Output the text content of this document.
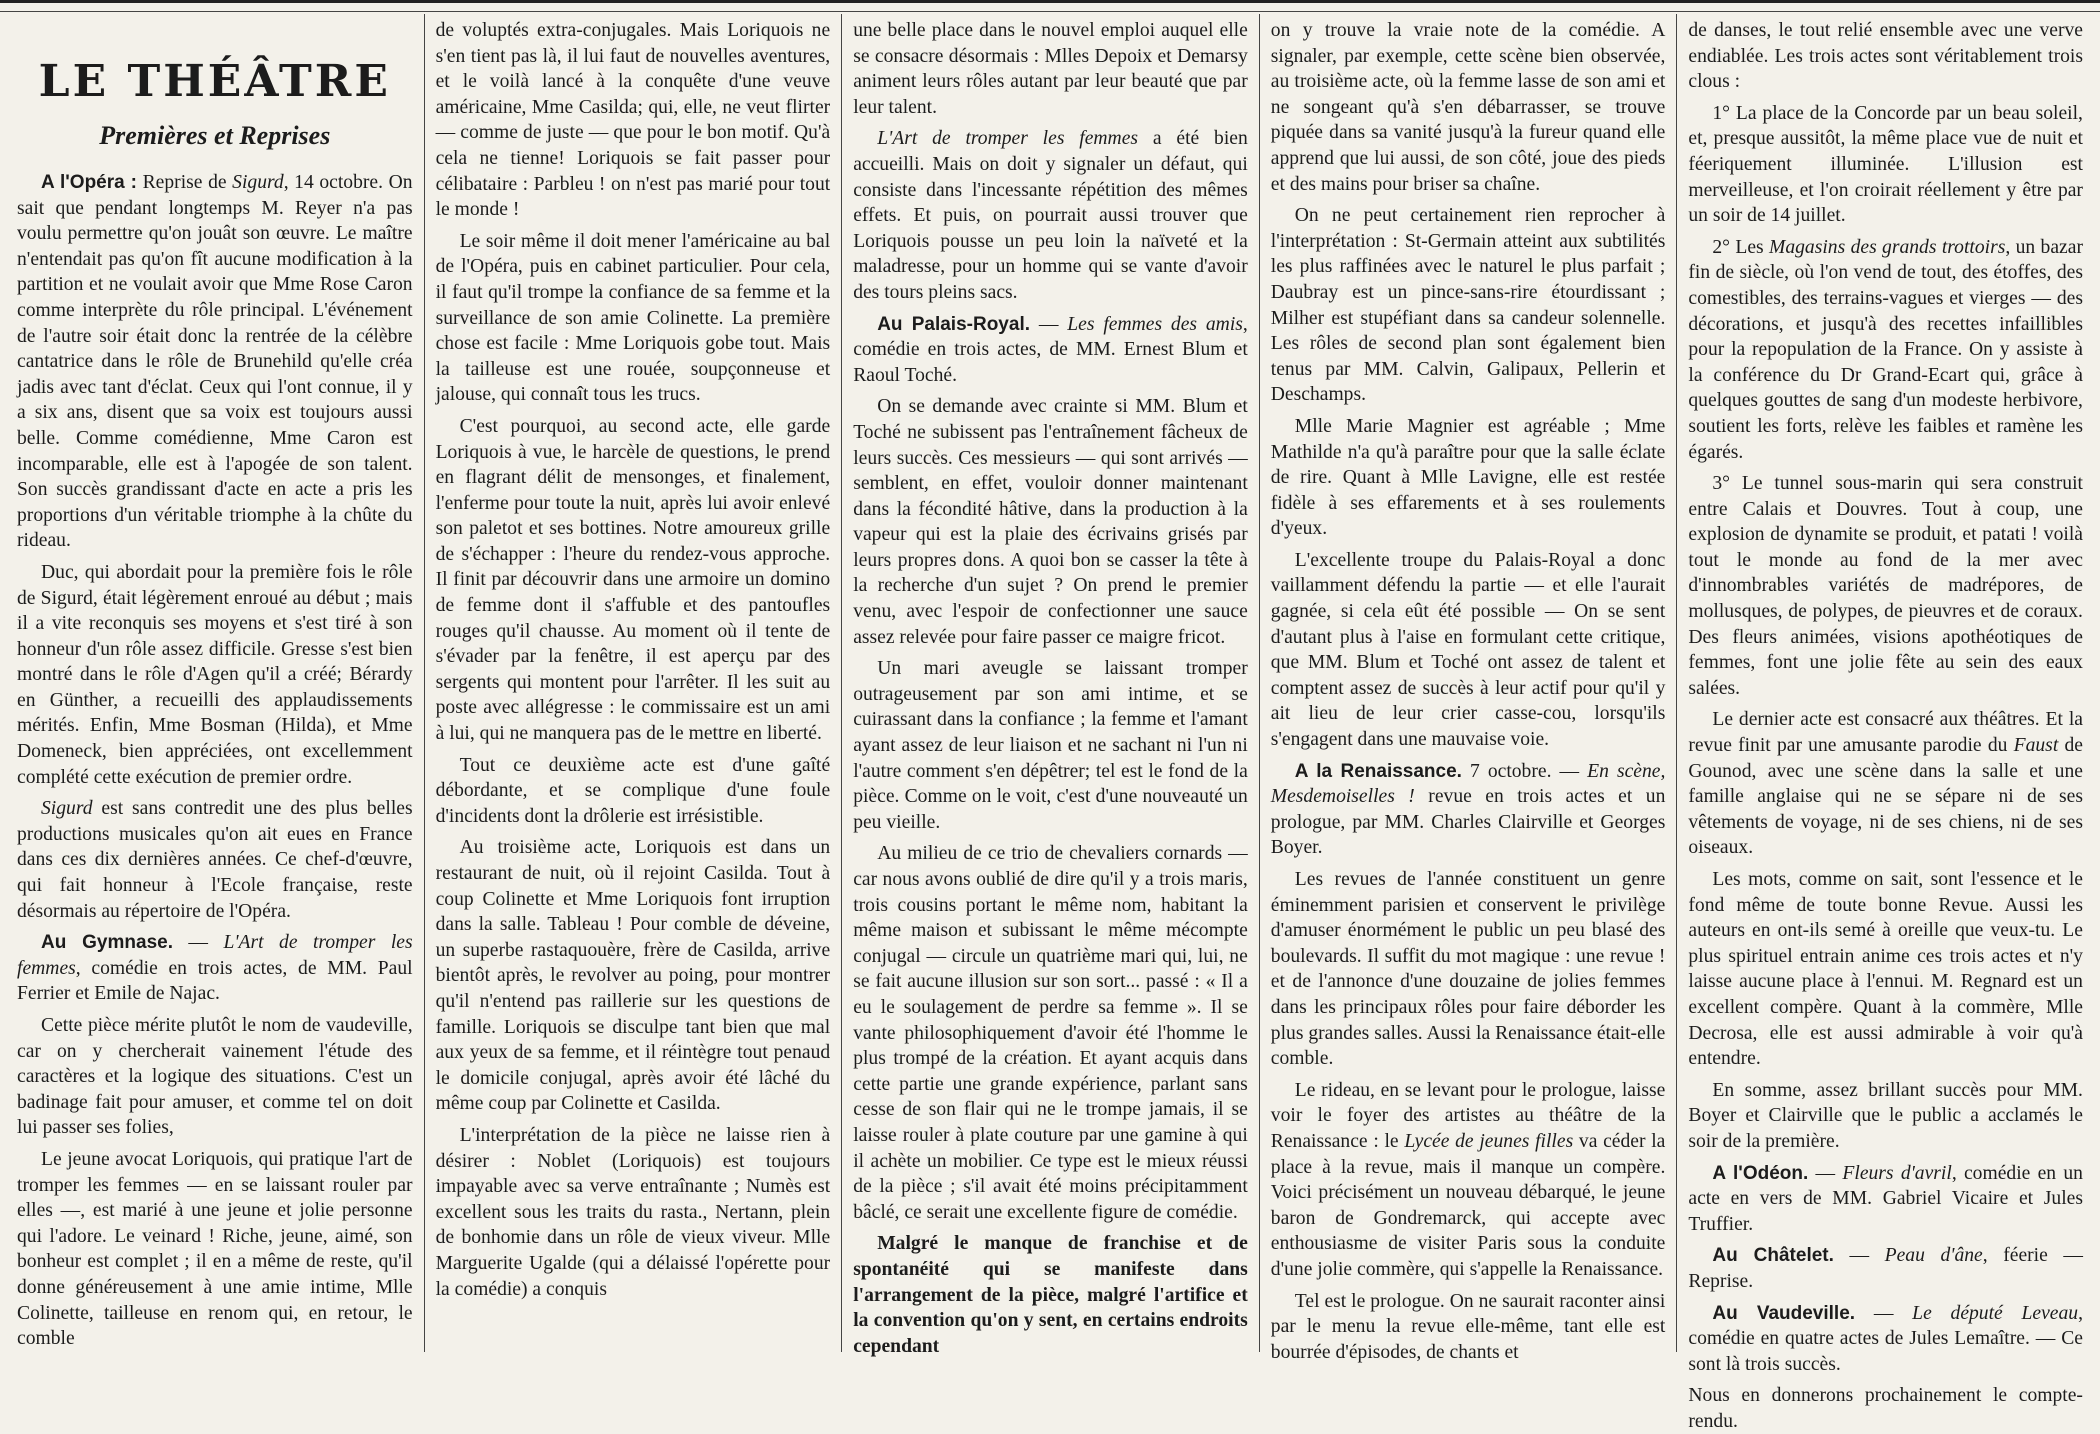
LE THÉÂTRE
Premières et Reprises

A l'Opéra : Reprise de Sigurd, 14 octobre. On sait que pendant longtemps M. Reyer n'a pas voulu permettre qu'on jouât son œuvre. Le maître n'entendait pas qu'on fît aucune modification à la partition et ne voulait avoir que Mme Rose Caron comme interprète du rôle principal. L'événement de l'autre soir était donc la rentrée de la célèbre cantatrice dans le rôle de Brunehild qu'elle créa jadis avec tant d'éclat. Ceux qui l'ont connue, il y a six ans, disent que sa voix est toujours aussi belle. Comme comédienne, Mme Caron est incomparable, elle est à l'apogée de son talent. Son succès grandissant d'acte en acte a pris les proportions d'un véritable triomphe à la chûte du rideau.

Duc, qui abordait pour la première fois le rôle de Sigurd, était légèrement enroué au début ; mais il a vite reconquis ses moyens et s'est tiré à son honneur d'un rôle assez difficile. Gresse s'est bien montré dans le rôle d'Agen qu'il a créé; Bérardy en Günther, a recueilli des applaudissements mérités. Enfin, Mme Bosman (Hilda), et Mme Domeneck, bien appréciées, ont excellemment complété cette exécution de premier ordre.

Sigurd est sans contredit une des plus belles productions musicales qu'on ait eues en France dans ces dix dernières années. Ce chef-d'œuvre, qui fait honneur à l'Ecole française, reste désormais au répertoire de l'Opéra.

Au Gymnase. — L'Art de tromper les femmes, comédie en trois actes, de MM. Paul Ferrier et Emile de Najac.

Cette pièce mérite plutôt le nom de vaudeville, car on y chercherait vainement l'étude des caractères et la logique des situations. C'est un badinage fait pour amuser, et comme tel on doit lui passer ses folies,

Le jeune avocat Loriquois, qui pratique l'art de tromper les femmes — en se laissant rouler par elles —, est marié à une jeune et jolie personne qui l'adore. Le veinard ! Riche, jeune, aimé, son bonheur est complet ; il en a même de reste, qu'il donne généreusement à une amie intime, Mlle Colinette, tailleuse en renom qui, en retour, le comble

de voluptés extra-conjugales. Mais Loriquois ne s'en tient pas là, il lui faut de nouvelles aventures, et le voilà lancé à la conquête d'une veuve américaine, Mme Casilda; qui, elle, ne veut flirter — comme de juste — que pour le bon motif. Qu'à cela ne tienne! Loriquois se fait passer pour célibataire : Parbleu ! on n'est pas marié pour tout le monde !

Le soir même il doit mener l'américaine au bal de l'Opéra, puis en cabinet particulier. Pour cela, il faut qu'il trompe la confiance de sa femme et la surveillance de son amie Colinette. La première chose est facile : Mme Loriquois gobe tout. Mais la tailleuse est une rouée, soupçonneuse et jalouse, qui connaît tous les trucs.

C'est pourquoi, au second acte, elle garde Loriquois à vue, le harcèle de questions, le prend en flagrant délit de mensonges, et finalement, l'enferme pour toute la nuit, après lui avoir enlevé son paletot et ses bottines. Notre amoureux grille de s'échapper : l'heure du rendez-vous approche. Il finit par découvrir dans une armoire un domino de femme dont il s'affuble et des pantoufles rouges qu'il chausse. Au moment où il tente de s'évader par la fenêtre, il est aperçu par des sergents qui montent pour l'arrêter. Il les suit au poste avec allégresse : le commissaire est un ami à lui, qui ne manquera pas de le mettre en liberté.

Tout ce deuxième acte est d'une gaîté débordante, et se complique d'une foule d'incidents dont la drôlerie est irrésistible.

Au troisième acte, Loriquois est dans un restaurant de nuit, où il rejoint Casilda. Tout à coup Colinette et Mme Loriquois font irruption dans la salle. Tableau ! Pour comble de déveine, un superbe rastaquouère, frère de Casilda, arrive bientôt après, le revolver au poing, pour montrer qu'il n'entend pas raillerie sur les questions de famille. Loriquois se disculpe tant bien que mal aux yeux de sa femme, et il réintègre tout penaud le domicile conjugal, après avoir été lâché du même coup par Colinette et Casilda.

L'interprétation de la pièce ne laisse rien à désirer : Noblet (Loriquois) est toujours impayable avec sa verve entraînante ; Numès est excellent sous les traits du rasta., Nertann, plein de bonhomie dans un rôle de vieux viveur. Mlle Marguerite Ugalde (qui a délaissé l'opérette pour la comédie) a conquis

une belle place dans le nouvel emploi auquel elle se consacre désormais : Mlles Depoix et Demarsy animent leurs rôles autant par leur beauté que par leur talent.

L'Art de tromper les femmes a été bien accueilli. Mais on doit y signaler un défaut, qui consiste dans l'incessante répétition des mêmes effets. Et puis, on pourrait aussi trouver que Loriquois pousse un peu loin la naïveté et la maladresse, pour un homme qui se vante d'avoir des tours pleins sacs.

Au Palais-Royal. — Les femmes des amis, comédie en trois actes, de MM. Ernest Blum et Raoul Toché.

On se demande avec crainte si MM. Blum et Toché ne subissent pas l'entraînement fâcheux de leurs succès. Ces messieurs — qui sont arrivés — semblent, en effet, vouloir donner maintenant dans la fécondité hâtive, dans la production à la vapeur qui est la plaie des écrivains grisés par leurs propres dons. A quoi bon se casser la tête à la recherche d'un sujet ? On prend le premier venu, avec l'espoir de confectionner une sauce assez relevée pour faire passer ce maigre fricot.

Un mari aveugle se laissant tromper outrageusement par son ami intime, et se cuirassant dans la confiance ; la femme et l'amant ayant assez de leur liaison et ne sachant ni l'un ni l'autre comment s'en dépêtrer; tel est le fond de la pièce. Comme on le voit, c'est d'une nouveauté un peu vieille.

Au milieu de ce trio de chevaliers cornards — car nous avons oublié de dire qu'il y a trois maris, trois cousins portant le même nom, habitant la même maison et subissant le même mécompte conjugal — circule un quatrième mari qui, lui, ne se fait aucune illusion sur son sort... passé : « Il a eu le soulagement de perdre sa femme ». Il se vante philosophiquement d'avoir été l'homme le plus trompé de la création. Et ayant acquis dans cette partie une grande expérience, parlant sans cesse de son flair qui ne le trompe jamais, il se laisse rouler à plate couture par une gamine à qui il achète un mobilier. Ce type est le mieux réussi de la pièce ; s'il avait été moins précipitamment bâclé, ce serait une excellente figure de comédie.

Malgré le manque de franchise et de spontanéité qui se manifeste dans l'arrangement de la pièce, malgré l'artifice et la convention qu'on y sent, en certains endroits cependant

on y trouve la vraie note de la comédie. A signaler, par exemple, cette scène bien observée, au troisième acte, où la femme lasse de son ami et ne songeant qu'à s'en débarrasser, se trouve piquée dans sa vanité jusqu'à la fureur quand elle apprend que lui aussi, de son côté, joue des pieds et des mains pour briser sa chaîne.

On ne peut certainement rien reprocher à l'interprétation : St-Germain atteint aux subtilités les plus raffinées avec le naturel le plus parfait ; Daubray est un pince-sans-rire étourdissant ; Milher est stupéfiant dans sa candeur solennelle. Les rôles de second plan sont également bien tenus par MM. Calvin, Galipaux, Pellerin et Deschamps.

Mlle Marie Magnier est agréable ; Mme Mathilde n'a qu'à paraître pour que la salle éclate de rire. Quant à Mlle Lavigne, elle est restée fidèle à ses effarements et à ses roulements d'yeux.

L'excellente troupe du Palais-Royal a donc vaillamment défendu la partie — et elle l'aurait gagnée, si cela eût été possible — On se sent d'autant plus à l'aise en formulant cette critique, que MM. Blum et Toché ont assez de talent et comptent assez de succès à leur actif pour qu'il y ait lieu de leur crier casse-cou, lorsqu'ils s'engagent dans une mauvaise voie.

A la Renaissance. 7 octobre. — En scène, Mesdemoiselles ! revue en trois actes et un prologue, par MM. Charles Clairville et Georges Boyer.

Les revues de l'année constituent un genre éminemment parisien et conservent le privilège d'amuser énormément le public un peu blasé des boulevards. Il suffit du mot magique : une revue ! et de l'annonce d'une douzaine de jolies femmes dans les principaux rôles pour faire déborder les plus grandes salles. Aussi la Renaissance était-elle comble.

Le rideau, en se levant pour le prologue, laisse voir le foyer des artistes au théâtre de la Renaissance : le Lycée de jeunes filles va céder la place à la revue, mais il manque un compère. Voici précisément un nouveau débarqué, le jeune baron de Gondremarck, qui accepte avec enthousiasme de visiter Paris sous la conduite d'une jolie commère, qui s'appelle la Renaissance.

Tel est le prologue. On ne saurait raconter ainsi par le menu la revue elle-même, tant elle est bourrée d'épisodes, de chants et

de danses, le tout relié ensemble avec une verve endiablée. Les trois actes sont véritablement trois clous :

1° La place de la Concorde par un beau soleil, et, presque aussitôt, la même place vue de nuit et féeriquement illuminée. L'illusion est merveilleuse, et l'on croirait réellement y être par un soir de 14 juillet.

2° Les Magasins des grands trottoirs, un bazar fin de siècle, où l'on vend de tout, des étoffes, des comestibles, des terrains-vagues et vierges — des décorations, et jusqu'à des recettes infaillibles pour la repopulation de la France. On y assiste à la conférence du Dr Grand-Ecart qui, grâce à quelques gouttes de sang d'un modeste herbivore, soutient les forts, relève les faibles et ramène les égarés.

3° Le tunnel sous-marin qui sera construit entre Calais et Douvres. Tout à coup, une explosion de dynamite se produit, et patati ! voilà tout le monde au fond de la mer avec d'innombrables variétés de madrépores, de mollusques, de polypes, de pieuvres et de coraux. Des fleurs animées, visions apothéotiques de femmes, font une jolie fête au sein des eaux salées.

Le dernier acte est consacré aux théâtres. Et la revue finit par une amusante parodie du Faust de Gounod, avec une scène dans la salle et une famille anglaise qui ne se sépare ni de ses vêtements de voyage, ni de ses chiens, ni de ses oiseaux.

Les mots, comme on sait, sont l'essence et le fond même de toute bonne Revue. Aussi les auteurs en ont-ils semé à oreille que veux-tu. Le plus spirituel entrain anime ces trois actes et n'y laisse aucune place à l'ennui. M. Regnard est un excellent compère. Quant à la commère, Mlle Decrosa, elle est aussi admirable à voir qu'à entendre.

En somme, assez brillant succès pour MM. Boyer et Clairville que le public a acclamés le soir de la première.

A l'Odéon. — Fleurs d'avril, comédie en un acte en vers de MM. Gabriel Vicaire et Jules Truffier.

Au Châtelet. — Peau d'âne, féerie — Reprise.

Au Vaudeville. — Le député Leveau, comédie en quatre actes de Jules Lemaître. — Ce sont là trois succès.

Nous en donnerons prochainement le compte-rendu.
